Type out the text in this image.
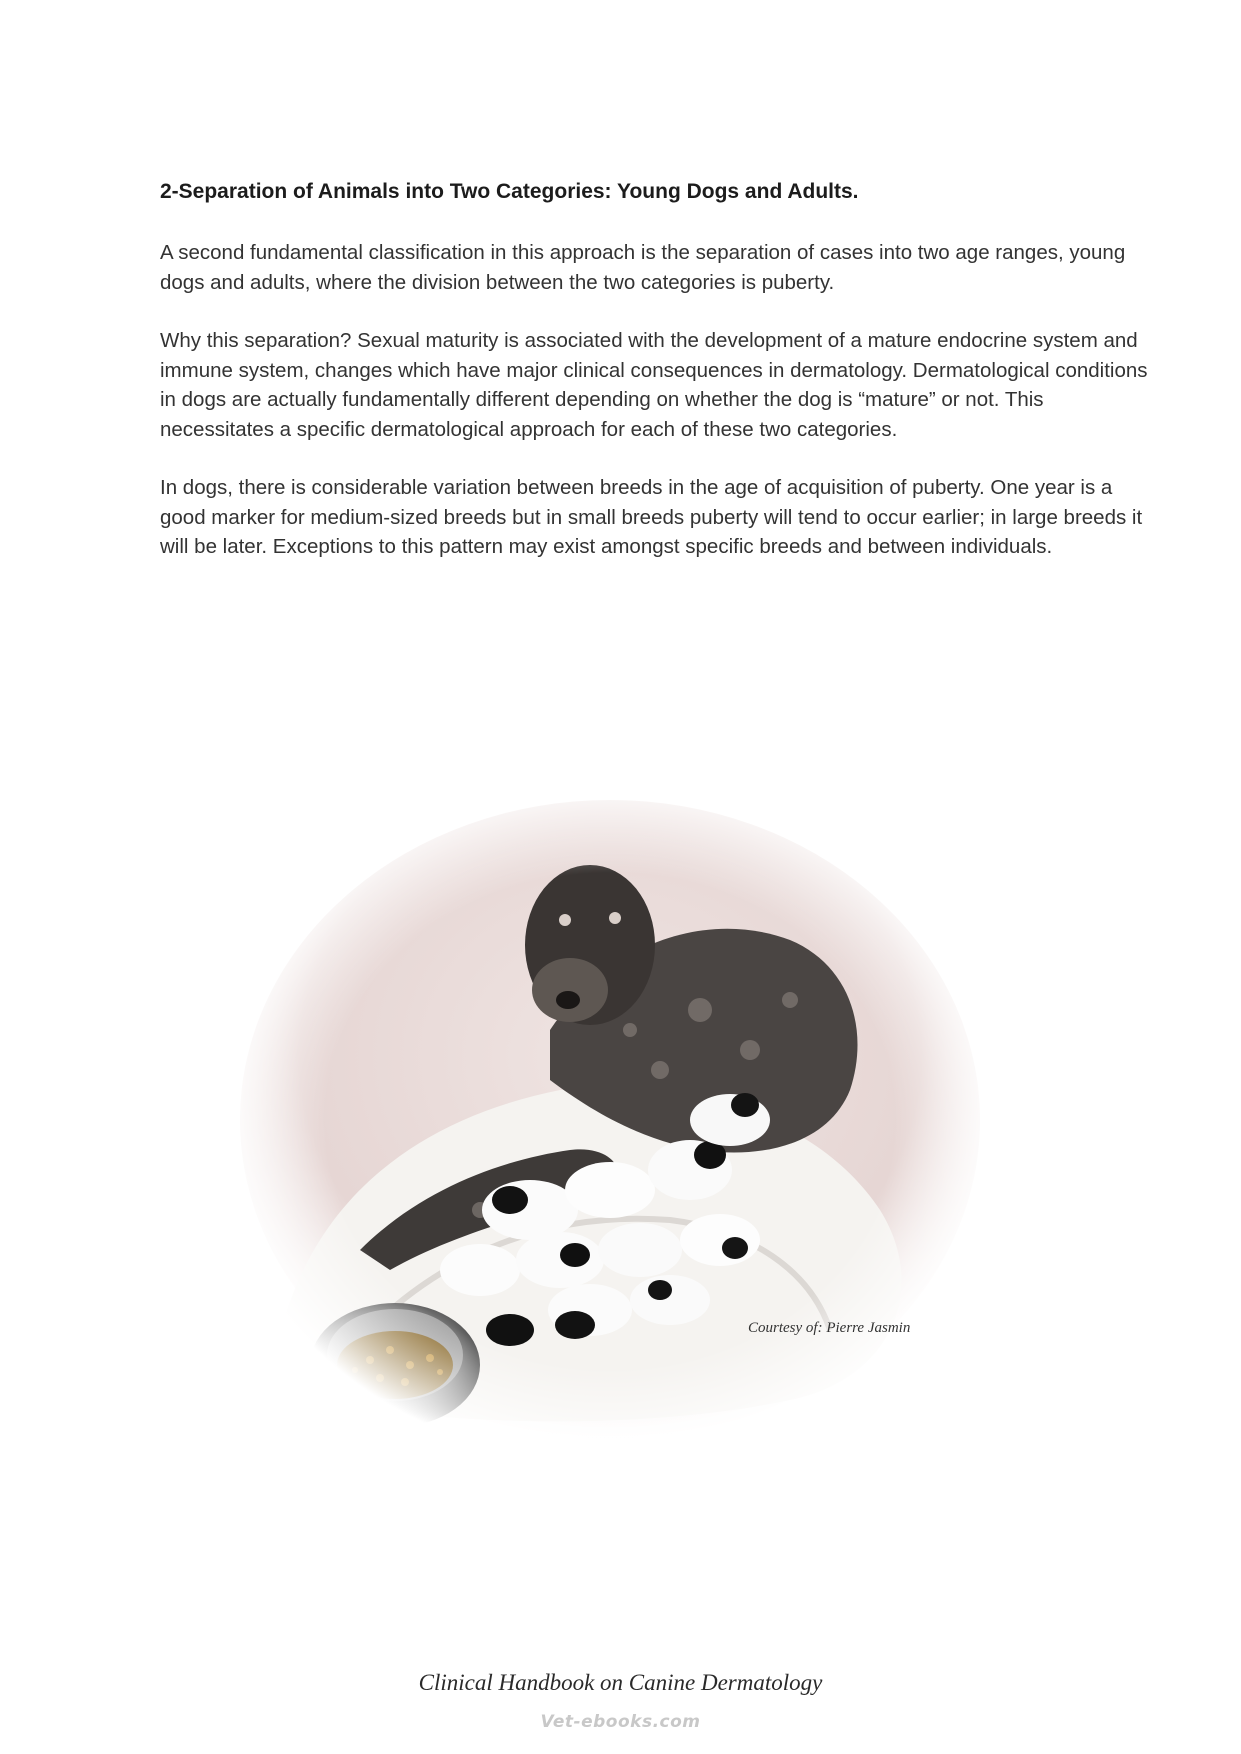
2-Separation of Animals into Two Categories: Young Dogs and Adults.

A second fundamental classification in this approach is the separation of cases into two age ranges, young dogs and adults, where the division between the two categories is puberty.

Why this separation? Sexual maturity is associated with the development of a mature endocrine system and immune system, changes which have major clinical consequences in dermatology. Dermatological conditions in dogs are actually fundamentally different depending on whether the dog is “mature” or not. This necessitates a specific dermatological approach for each of these two categories.

In dogs, there is considerable variation between breeds in the age of acquisition of puberty. One year is a good marker for medium-sized breeds but in small breeds puberty will tend to occur earlier; in large breeds it will be later. Exceptions to this pattern may exist amongst specific breeds and between individuals.

Courtesy of: Pierre Jasmin
Clinical Handbook on Canine Dermatology
Vet-ebooks.com
